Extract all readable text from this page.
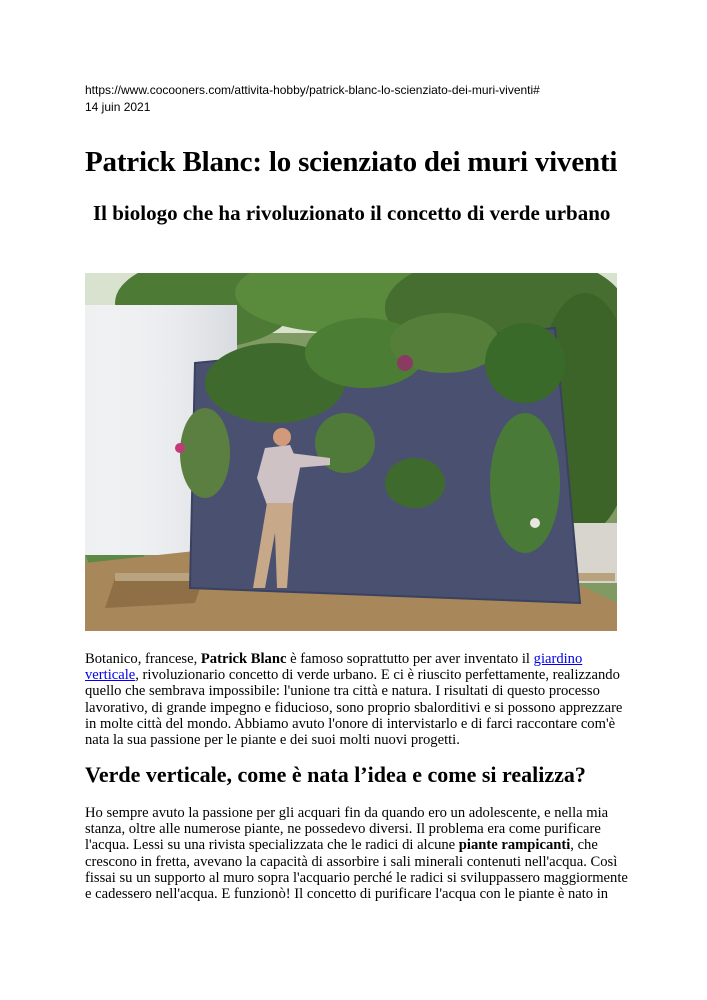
https://www.cocooners.com/attivita-hobby/patrick-blanc-lo-scienziato-dei-muri-viventi#
14 juin 2021
Patrick Blanc: lo scienziato dei muri viventi
Il biologo che ha rivoluzionato il concetto di verde urbano

Botanico, francese, Patrick Blanc è famoso soprattutto per aver inventato il giardino
verticale, rivoluzionario concetto di verde urbano. E ci è riuscito perfettamente, realizzando
quello che sembrava impossibile: l'unione tra città e natura. I risultati di questo processo
lavorativo, di grande impegno e fiducioso, sono proprio sbalorditivi e si possono apprezzare
in molte città del mondo. Abbiamo avuto l'onore di intervistarlo e di farci raccontare com'è
nata la sua passione per le piante e dei suoi molti nuovi progetti.

Verde verticale, come è nata l’idea e come si realizza?

Ho sempre avuto la passione per gli acquari fin da quando ero un adolescente, e nella mia
stanza, oltre alle numerose piante, ne possedevo diversi. Il problema era come purificare
l'acqua. Lessi su una rivista specializzata che le radici di alcune piante rampicanti, che
crescono in fretta, avevano la capacità di assorbire i sali minerali contenuti nell'acqua. Così
fissai su un supporto al muro sopra l'acquario perché le radici si sviluppassero maggiormente
e cadessero nell'acqua. E funzionò! Il concetto di purificare l'acqua con le piante è nato in
